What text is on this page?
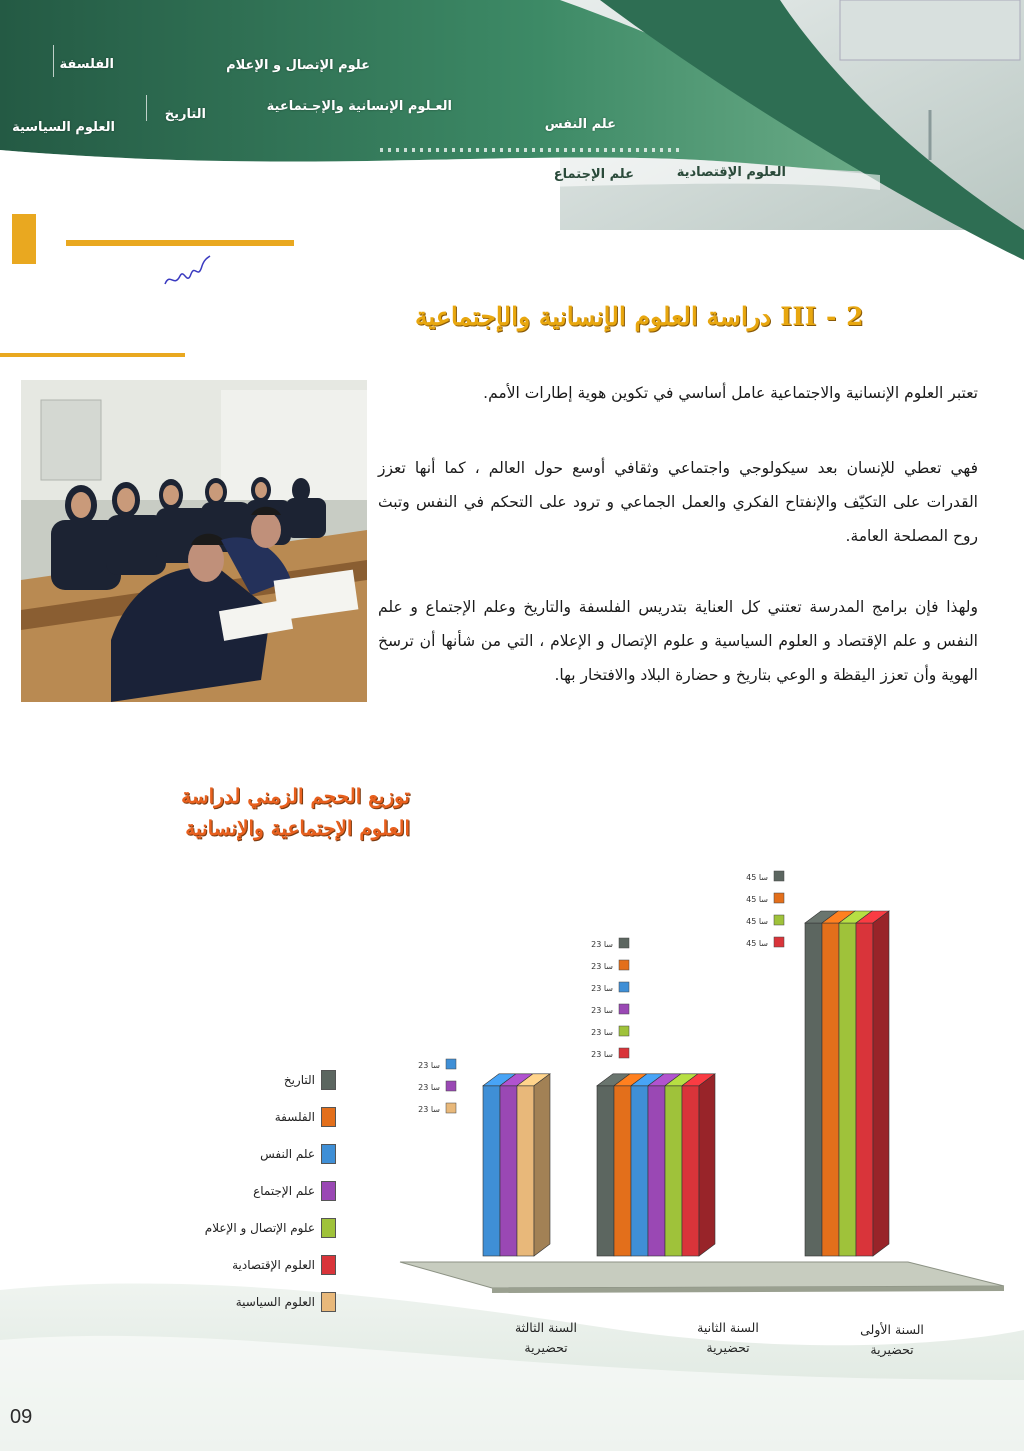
الفلسفة	علوم الإتصال و الإعلام
العلوم السياسية
التاريخ
العـلوم الإنسانية والإجـتماعية
علم النفس
العلوم الإقتصادية
علم الإجتماع
III - 2 دراسة العلوم الإنسانية والإجتماعية
تعتبر العلوم الإنسانية والاجتماعية عامل أساسي في تكوين هوية إطارات الأمم.
فهي تعطي للإنسان بعد سيكولوجي واجتماعي وثقافي أوسع حول العالم ، كما أنها تعزز القدرات على التكيّف والإنفتاح الفكري والعمل الجماعي و ترود على التحكم في النفس وتبث روح المصلحة العامة.
ولهذا فإن برامج المدرسة تعتني كل العناية بتدريس الفلسفة والتاريخ وعلم الإجتماع و علم النفس و علم الإقتصاد و العلوم السياسية و علوم الإتصال و الإعلام ، التي من شأنها أن ترسخ الهوية وأن تعزز اليقظة و الوعي بتاريخ و حضارة البلاد والافتخار بها.
توزيع الحجم الزمني لدراسة
العلوم الإجتماعية والإنسانية
45 سا
45 سا
45 سا
45 سا
23 سا
23 سا
23 سا
23 سا
23 سا
23 سا
23 سا
23 سا
23 سا
التاريخ
الفلسفة
علم النفس
علم الإجتماع
علوم الإتصال و الإعلام
العلوم الإقتصادية
العلوم السياسية
السنة الثالثة
تحضيرية
السنة الثانية
تحضيرية
السنة الأولى
تحضيرية
09
